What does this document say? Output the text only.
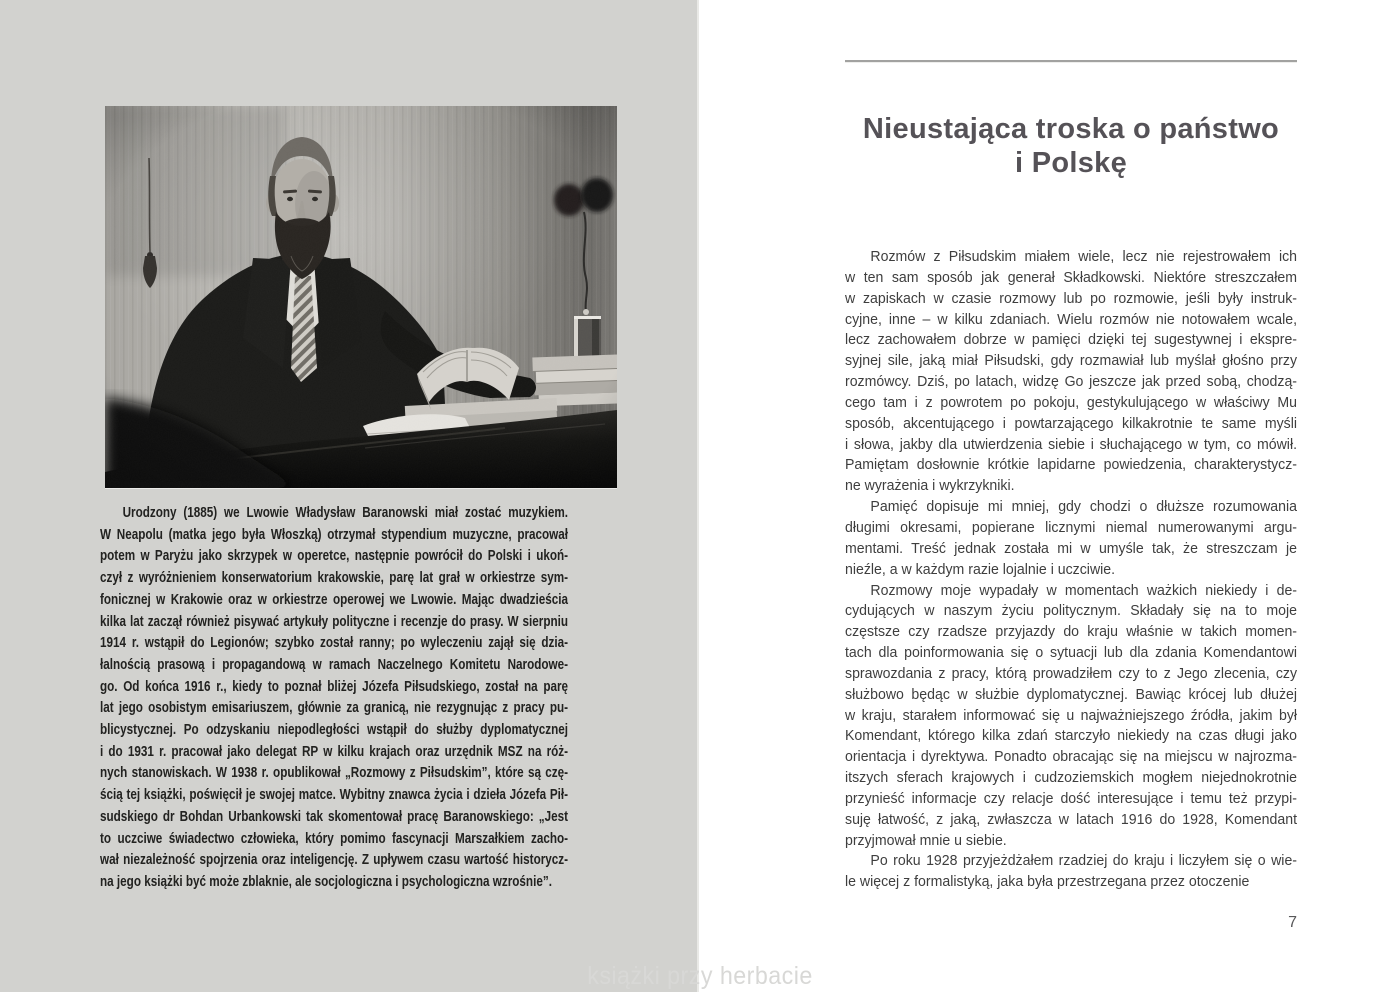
Urodzony (1885) we Lwowie Władysław Baranowski miał zostać muzykiem.
W Neapolu (matka jego była Włoszką) otrzymał stypendium muzyczne, pracował
potem w Paryżu jako skrzypek w operetce, następnie powrócił do Polski i ukoń-
czył z wyróżnieniem konserwatorium krakowskie, parę lat grał w orkiestrze sym-
fonicznej w Krakowie oraz w orkiestrze operowej we Lwowie. Mając dwadzieścia
kilka lat zaczął również pisywać artykuły polityczne i recenzje do prasy. W sierpniu
1914 r. wstąpił do Legionów; szybko został ranny; po wyleczeniu zajął się dzia-
łalnością prasową i propagandową w ramach Naczelnego Komitetu Narodowe-
go. Od końca 1916 r., kiedy to poznał bliżej Józefa Piłsudskiego, został na parę
lat jego osobistym emisariuszem, głównie za granicą, nie rezygnując z pracy pu-
blicystycznej. Po odzyskaniu niepodległości wstąpił do służby dyplomatycznej
i do 1931 r. pracował jako delegat RP w kilku krajach oraz urzędnik MSZ na róż-
nych stanowiskach. W 1938 r. opublikował „Rozmowy z Piłsudskim”, które są czę-
ścią tej książki, poświęcił je swojej matce. Wybitny znawca życia i dzieła Józefa Pił-
sudskiego dr Bohdan Urbankowski tak skomentował pracę Baranowskiego: „Jest
to uczciwe świadectwo człowieka, który pomimo fascynacji Marszałkiem zacho-
wał niezależność spojrzenia oraz inteligencję. Z upływem czasu wartość historycz-
na jego książki być może zblaknie, ale socjologiczna i psychologiczna wzrośnie”.
Nieustająca troska o państwo
i Polskę
Rozmów z Piłsudskim miałem wiele, lecz nie rejestrowałem ich
w ten sam sposób jak generał Składkowski. Niektóre streszczałem
w zapiskach w czasie rozmowy lub po rozmowie, jeśli były instruk-
cyjne, inne – w kilku zdaniach. Wielu rozmów nie notowałem wcale,
lecz zachowałem dobrze w pamięci dzięki tej sugestywnej i ekspre-
syjnej sile, jaką miał Piłsudski, gdy rozmawiał lub myślał głośno przy
rozmówcy. Dziś, po latach, widzę Go jeszcze jak przed sobą, chodzą-
cego tam i z powrotem po pokoju, gestykulującego w właściwy Mu
sposób, akcentującego i powtarzającego kilkakrotnie te same myśli
i słowa, jakby dla utwierdzenia siebie i słuchającego w tym, co mówił.
Pamiętam dosłownie krótkie lapidarne powiedzenia, charakterystycz-
ne wyrażenia i wykrzykniki.
Pamięć dopisuje mi mniej, gdy chodzi o dłuższe rozumowania
długimi okresami, popierane licznymi niemal numerowanymi argu-
mentami. Treść jednak została mi w umyśle tak, że streszczam je
nieźle, a w każdym razie lojalnie i uczciwie.
Rozmowy moje wypadały w momentach ważkich niekiedy i de-
cydujących w naszym życiu politycznym. Składały się na to moje
częstsze czy rzadsze przyjazdy do kraju właśnie w takich momen-
tach dla poinformowania się o sytuacji lub dla zdania Komendantowi
sprawozdania z pracy, którą prowadziłem czy to z Jego zlecenia, czy
służbowo będąc w służbie dyplomatycznej. Bawiąc krócej lub dłużej
w kraju, starałem informować się u najważniejszego źródła, jakim był
Komendant, którego kilka zdań starczyło niekiedy na czas długi jako
orientacja i dyrektywa. Ponadto obracając się na miejscu w najrozma-
itszych sferach krajowych i cudzoziemskich mogłem niejednokrotnie
przynieść informacje czy relacje dość interesujące i temu też przypi-
suję łatwość, z jaką, zwłaszcza w latach 1916 do 1928, Komendant
przyjmował mnie u siebie.
Po roku 1928 przyjeżdżałem rzadziej do kraju i liczyłem się o wie-
le więcej z formalistyką, jaka była przestrzegana przez otoczenie
7
książki przy herbacie
